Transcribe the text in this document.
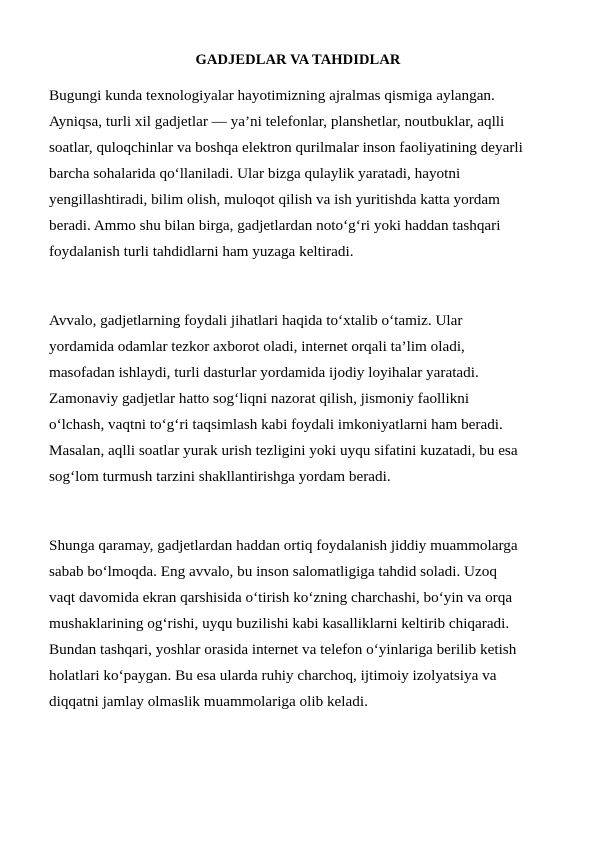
GADJEDLAR VA TAHDIDLAR
Bugungi kunda texnologiyalar hayotimizning ajralmas qismiga aylangan.
Ayniqsa, turli xil gadjetlar — ya’ni telefonlar, planshetlar, noutbuklar, aqlli
soatlar, quloqchinlar va boshqa elektron qurilmalar inson faoliyatining deyarli
barcha sohalarida qo‘llaniladi. Ular bizga qulaylik yaratadi, hayotni
yengillashtiradi, bilim olish, muloqot qilish va ish yuritishda katta yordam
beradi. Ammo shu bilan birga, gadjetlardan noto‘g‘ri yoki haddan tashqari
foydalanish turli tahdidlarni ham yuzaga keltiradi.
Avvalo, gadjetlarning foydali jihatlari haqida to‘xtalib o‘tamiz. Ular
yordamida odamlar tezkor axborot oladi, internet orqali ta’lim oladi,
masofadan ishlaydi, turli dasturlar yordamida ijodiy loyihalar yaratadi.
Zamonaviy gadjetlar hatto sog‘liqni nazorat qilish, jismoniy faollikni
o‘lchash, vaqtni to‘g‘ri taqsimlash kabi foydali imkoniyatlarni ham beradi.
Masalan, aqlli soatlar yurak urish tezligini yoki uyqu sifatini kuzatadi, bu esa
sog‘lom turmush tarzini shakllantirishga yordam beradi.
Shunga qaramay, gadjetlardan haddan ortiq foydalanish jiddiy muammolarga
sabab bo‘lmoqda. Eng avvalo, bu inson salomatligiga tahdid soladi. Uzoq
vaqt davomida ekran qarshisida o‘tirish ko‘zning charchashi, bo‘yin va orqa
mushaklarining og‘rishi, uyqu buzilishi kabi kasalliklarni keltirib chiqaradi.
Bundan tashqari, yoshlar orasida internet va telefon o‘yinlariga berilib ketish
holatlari ko‘paygan. Bu esa ularda ruhiy charchoq, ijtimoiy izolyatsiya va
diqqatni jamlay olmaslik muammolariga olib keladi.
